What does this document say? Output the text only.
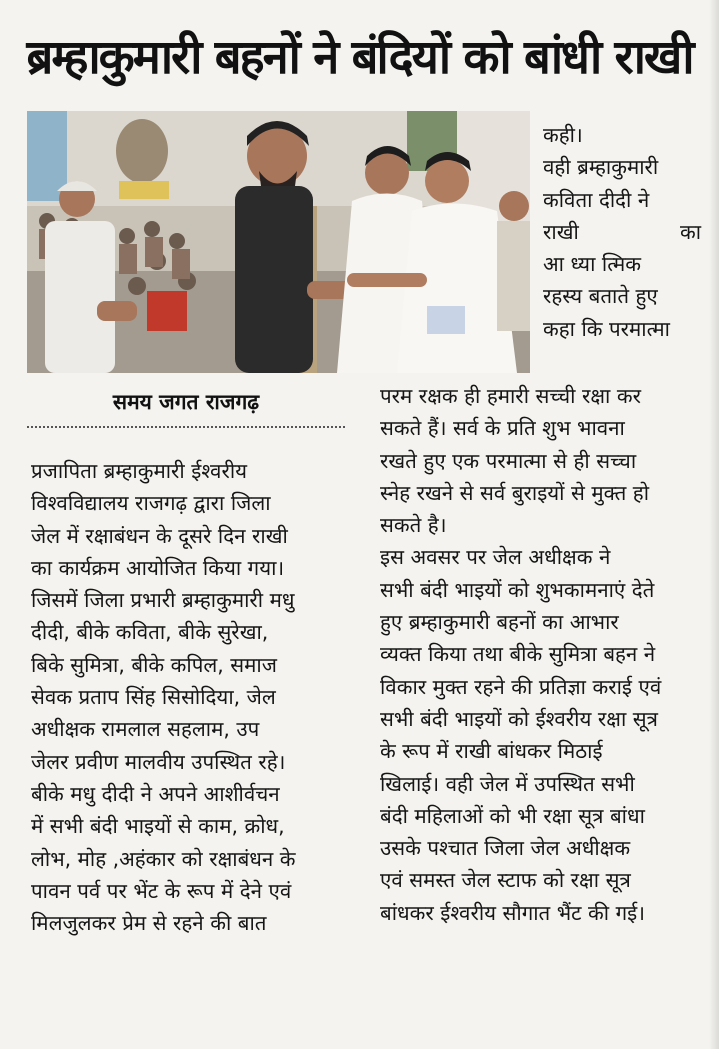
ब्रम्हाकुमारी बहनों ने बंदियों को बांधी राखी
कही।
वही ब्रम्हाकुमारी
कविता दीदी ने
राखी का
आ ध्या त्मिक
रहस्य बताते हुए
कहा कि परमात्मा
समय जगत राजगढ़	परम रक्षक ही हमारी सच्ची रक्षा कर
सकते हैं। सर्व के प्रति शुभ भावना
रखते हुए एक परमात्मा से ही सच्चा
स्नेह रखने से सर्व बुराइयों से मुक्त हो
सकते है।
इस अवसर पर जेल अधीक्षक ने
सभी बंदी भाइयों को शुभकामनाएं देते
हुए ब्रम्हाकुमारी बहनों का आभार
व्यक्त किया तथा बीके सुमित्रा बहन ने
विकार मुक्त रहने की प्रतिज्ञा कराई एवं
सभी बंदी भाइयों को ईश्वरीय रक्षा सूत्र
के रूप में राखी बांधकर मिठाई
खिलाई। वही जेल में उपस्थित सभी
बंदी महिलाओं को भी रक्षा सूत्र बांधा
उसके पश्चात जिला जेल अधीक्षक
एवं समस्त जेल स्टाफ को रक्षा सूत्र
बांधकर ईश्वरीय सौगात भैंट की गई।
प्रजापिता ब्रम्हाकुमारी ईश्वरीय
विश्वविद्यालय राजगढ़ द्वारा जिला
जेल में रक्षाबंधन के दूसरे दिन राखी
का कार्यक्रम आयोजित किया गया।
जिसमें जिला प्रभारी ब्रम्हाकुमारी मधु
दीदी, बीके कविता, बीके सुरेखा,
बिके सुमित्रा, बीके कपिल, समाज
सेवक प्रताप सिंह सिसोदिया, जेल
अधीक्षक रामलाल सहलाम, उप
जेलर प्रवीण मालवीय उपस्थित रहे।
बीके मधु दीदी ने अपने आशीर्वचन
में सभी बंदी भाइयों से काम, क्रोध,
लोभ, मोह ,अहंकार को रक्षाबंधन के
पावन पर्व पर भेंट के रूप में देने एवं
मिलजुलकर प्रेम से रहने की बात
